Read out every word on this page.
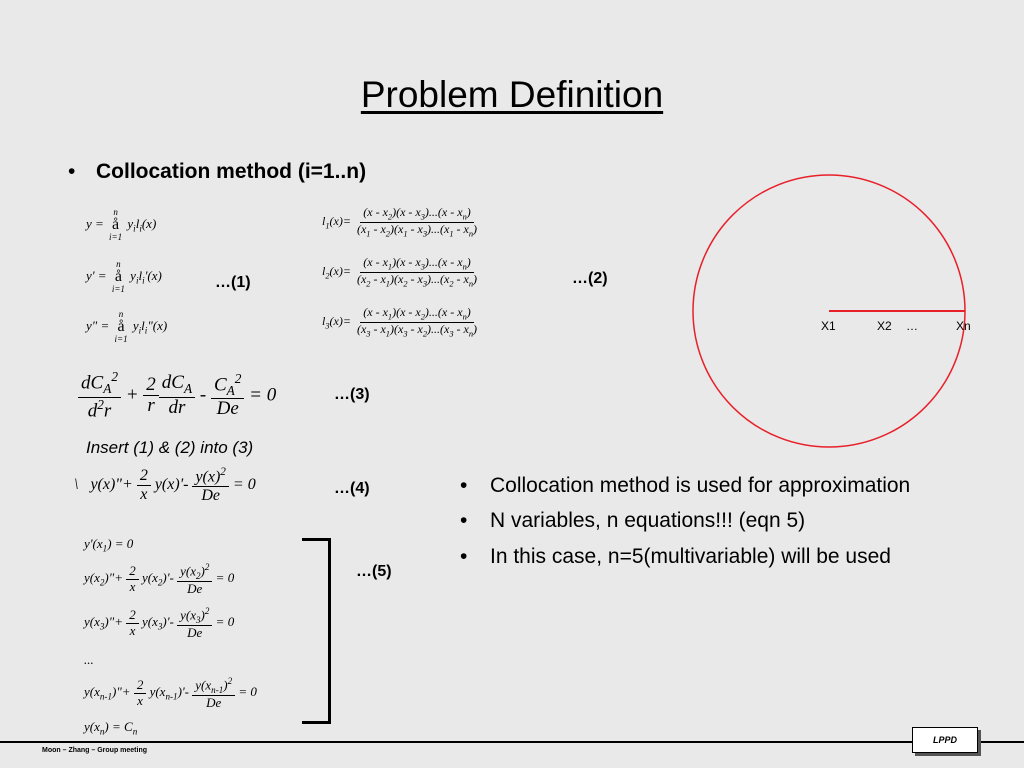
Problem Definition
• Collocation method (i=1..n)
y =
n
å
i=1
$y_il_i(x)$
y' =
n
å
i=1
$y_il_i'(x)$
y" =
n
å
i=1
$y_il_i"(x)$
…(1)
$l_1(x)= \frac{(x - x_2)(x - x_3)...(x - x_n)}{(x_1 - x_2)(x_1 - x_3)...(x_1 - x_n)}$
$l_2(x)= \frac{(x - x_1)(x - x_3)...(x - x_n)}{(x_2 - x_1)(x_2 - x_3)...(x_2 - x_n)}$
$l_3(x)= \frac{(x - x_1)(x - x_2)...(x - x_n)}{(x_3 - x_1)(x_3 - x_2)...(x_3 - x_n)}$
…(2)
$\frac{dC_A^2}{d^2r} + \frac{2}{r} \frac{dC_A}{dr} - \frac{C_A^2}{De} = 0$	…(3)
Insert (1) & (2) into (3)
\   y(x)"+ $\frac{2}{x} y(x)'- \frac{y(x)^2}{De} = 0$	…(4)
$y'(x_1) = 0$
$y(x_2)"+ \frac{2}{x} y(x_2)'- \frac{y(x_2)^2}{De} = 0$
$y(x_3)"+ \frac{2}{x} y(x_3)'- \frac{y(x_3)^2}{De} = 0$
...
$y(x_{n-1})"+ \frac{2}{x} y(x_{n-1})'- \frac{y(x_{n-1})^2}{De} = 0$
$y(x_n) = C_n$
…(5)
X1	X2 …	Xn
• Collocation method is used for approximation
• N variables, n equations!!! (eqn 5)
• In this case, n=5(multivariable) will be used
Moon – Zhang – Group meeting
LPPD
